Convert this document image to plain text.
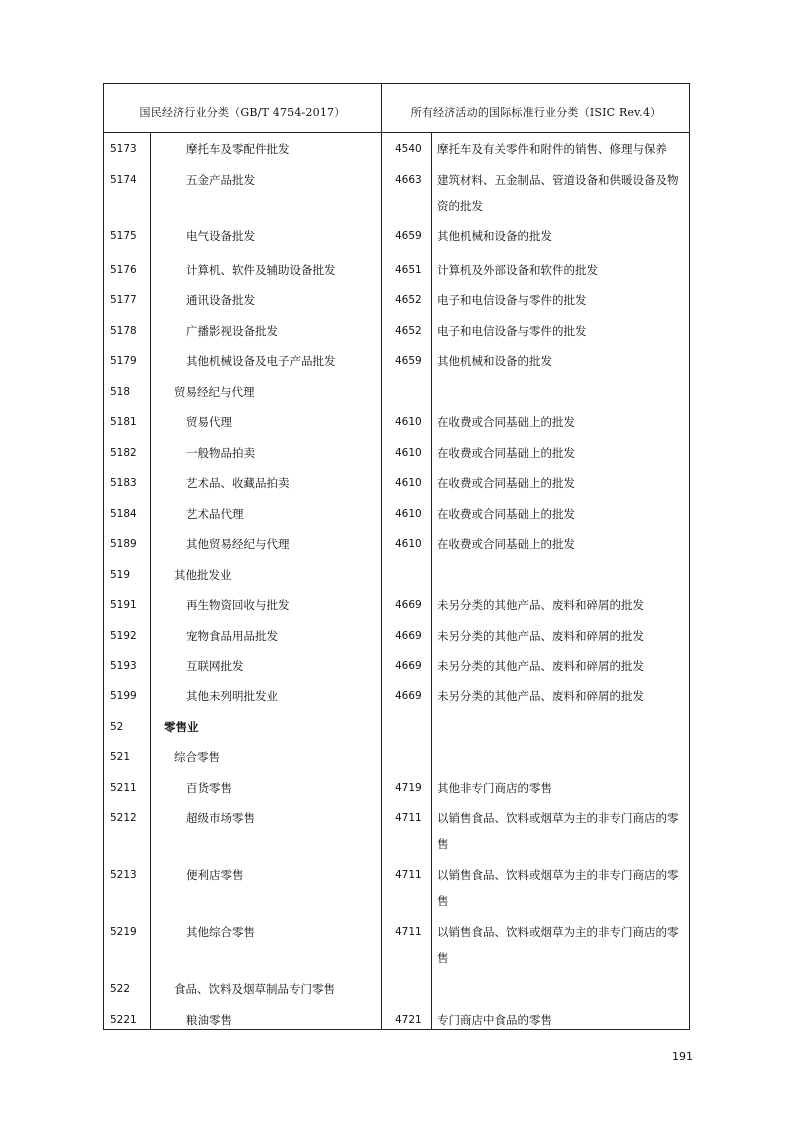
国民经济行业分类（GB/T 4754-2017）	所有经济活动的国际标准行业分类（ISIC Rev.4）
5173	摩托车及零配件批发	4540 摩托车及有关零件和附件的销售、修理与保养
5174	五金产品批发	4663 建筑材料、五金制品、管道设备和供暖设备及物资的批发
5175	电气设备批发	4659 其他机械和设备的批发
5176	计算机、软件及辅助设备批发	4651 计算机及外部设备和软件的批发
5177	通讯设备批发	4652 电子和电信设备与零件的批发
5178	广播影视设备批发	4652 电子和电信设备与零件的批发
5179	其他机械设备及电子产品批发	4659 其他机械和设备的批发
518	贸易经纪与代理
5181	贸易代理	4610 在收费或合同基础上的批发
5182	一般物品拍卖	4610 在收费或合同基础上的批发
5183	艺术品、收藏品拍卖	4610 在收费或合同基础上的批发
5184	艺术品代理	4610 在收费或合同基础上的批发
5189	其他贸易经纪与代理	4610 在收费或合同基础上的批发
519	其他批发业
5191	再生物资回收与批发	4669 未另分类的其他产品、废料和碎屑的批发
5192	宠物食品用品批发	4669 未另分类的其他产品、废料和碎屑的批发
5193	互联网批发	4669 未另分类的其他产品、废料和碎屑的批发
5199	其他未列明批发业	4669 未另分类的其他产品、废料和碎屑的批发
52	零售业
521	综合零售
5211	百货零售	4719 其他非专门商店的零售
5212	超级市场零售	4711 以销售食品、饮料或烟草为主的非专门商店的零售
5213	便利店零售	4711 以销售食品、饮料或烟草为主的非专门商店的零售
5219	其他综合零售	4711 以销售食品、饮料或烟草为主的非专门商店的零售
522	食品、饮料及烟草制品专门零售
5221	粮油零售	4721 专门商店中食品的零售
191
